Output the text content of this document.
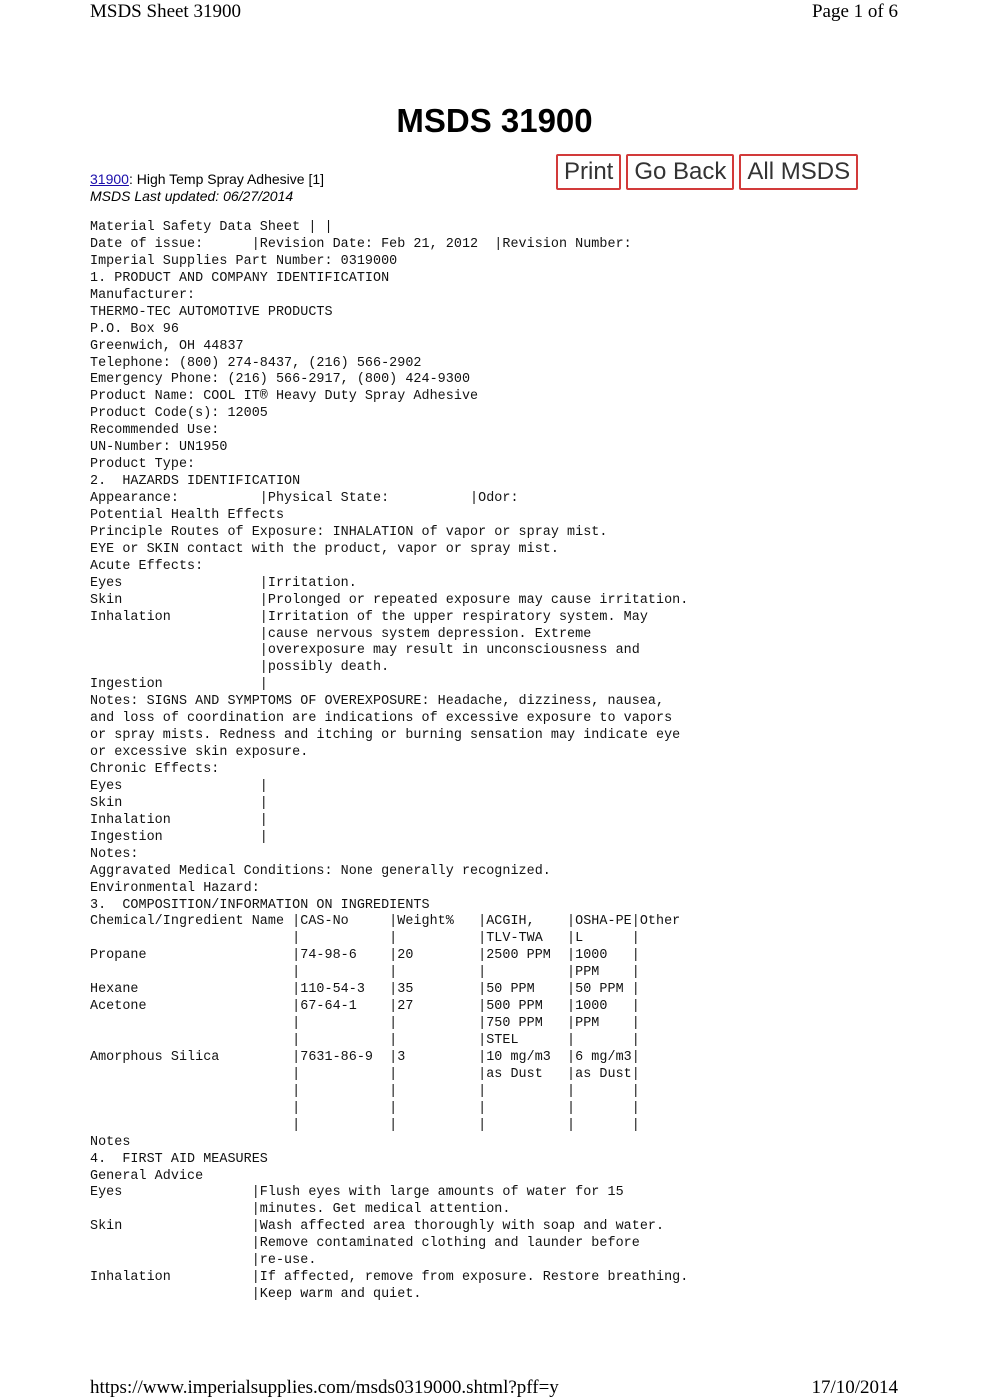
MSDS Sheet 31900	Page 1 of 6
MSDS 31900
31900: High Temp Spray Adhesive [1]
MSDS Last updated: 06/27/2014
Print Go Back All MSDS
Material Safety Data Sheet | |
Date of issue:      |Revision Date: Feb 21, 2012  |Revision Number:
Imperial Supplies Part Number: 0319000
1. PRODUCT AND COMPANY IDENTIFICATION
Manufacturer:
THERMO-TEC AUTOMOTIVE PRODUCTS
P.O. Box 96
Greenwich, OH 44837
Telephone: (800) 274-8437, (216) 566-2902
Emergency Phone: (216) 566-2917, (800) 424-9300
Product Name: COOL IT® Heavy Duty Spray Adhesive
Product Code(s): 12005
Recommended Use:
UN-Number: UN1950
Product Type:
2.  HAZARDS IDENTIFICATION
Appearance:          |Physical State:          |Odor:
Potential Health Effects
Principle Routes of Exposure: INHALATION of vapor or spray mist.
EYE or SKIN contact with the product, vapor or spray mist.
Acute Effects:
Eyes                 |Irritation.
Skin                 |Prolonged or repeated exposure may cause irritation.
Inhalation           |Irritation of the upper respiratory system. May
|cause nervous system depression. Extreme
|overexposure may result in unconsciousness and
|possibly death.
Ingestion            |
Notes: SIGNS AND SYMPTOMS OF OVEREXPOSURE: Headache, dizziness, nausea,
and loss of coordination are indications of excessive exposure to vapors
or spray mists. Redness and itching or burning sensation may indicate eye
or excessive skin exposure.
Chronic Effects:
Eyes                 |
Skin                 |
Inhalation           |
Ingestion            |
Notes:
Aggravated Medical Conditions: None generally recognized.
Environmental Hazard:
3.  COMPOSITION/INFORMATION ON INGREDIENTS
Chemical/Ingredient Name |CAS-No     |Weight%   |ACGIH,    |OSHA-PE|Other
|           |          |TLV-TWA   |L      |
Propane                  |74-98-6    |20        |2500 PPM  |1000   |
|           |          |          |PPM    |
Hexane                   |110-54-3   |35        |50 PPM    |50 PPM |
Acetone                  |67-64-1    |27        |500 PPM   |1000   |
|           |          |750 PPM   |PPM    |
|           |          |STEL      |       |
Amorphous Silica         |7631-86-9  |3         |10 mg/m3  |6 mg/m3|
|           |          |as Dust   |as Dust|
|           |          |          |       |
|           |          |          |       |
|           |          |          |       |
Notes
4.  FIRST AID MEASURES
General Advice
Eyes                |Flush eyes with large amounts of water for 15
|minutes. Get medical attention.
Skin                |Wash affected area thoroughly with soap and water.
|Remove contaminated clothing and launder before
|re-use.
Inhalation          |If affected, remove from exposure. Restore breathing.
|Keep warm and quiet.
https://www.imperialsupplies.com/msds0319000.shtml?pff=y	17/10/2014
